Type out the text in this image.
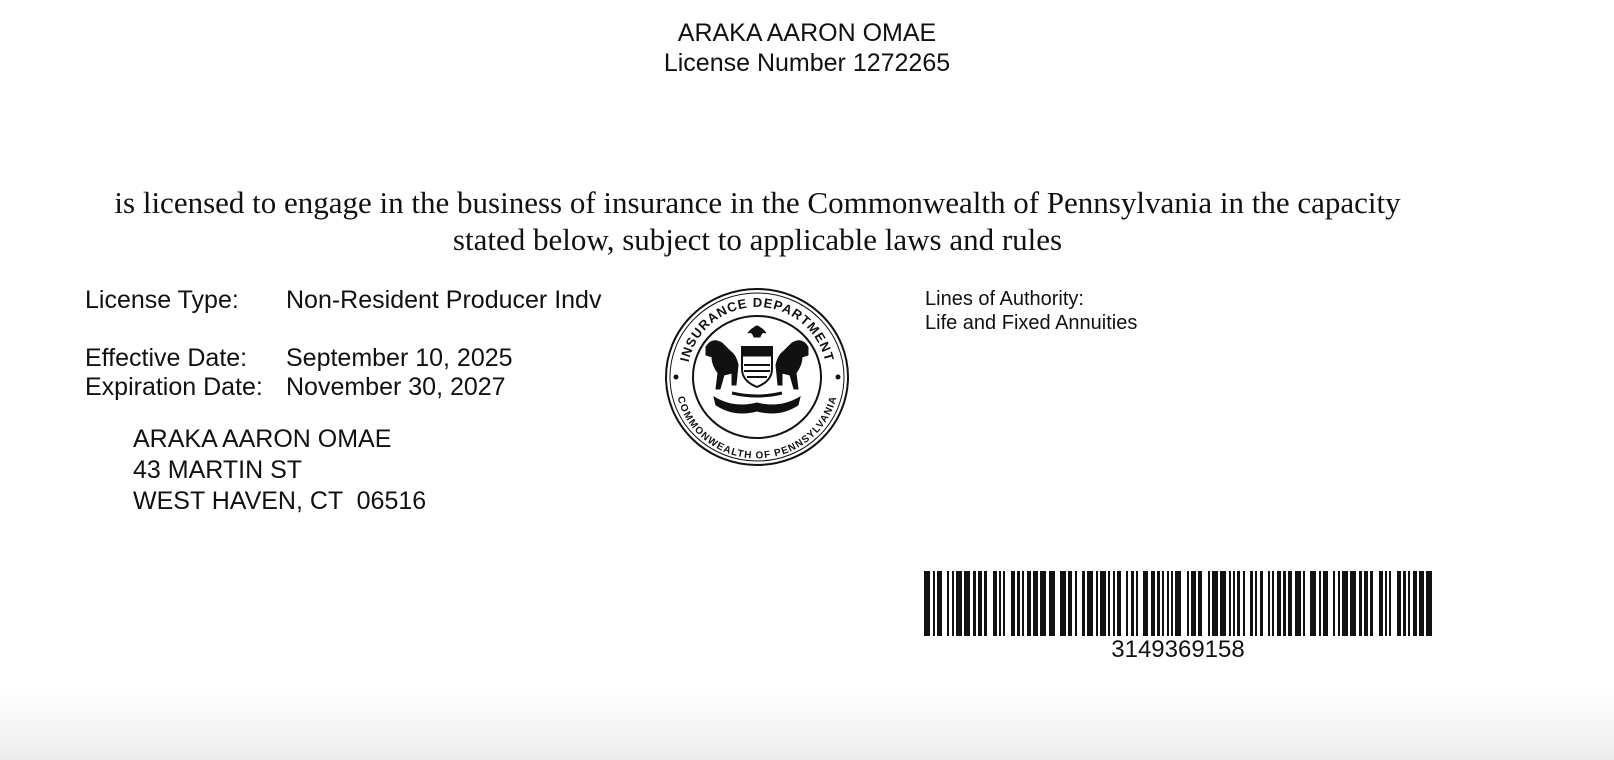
ARAKA AARON OMAE
License Number 1272265
is licensed to engage in the business of insurance in the Commonwealth of Pennsylvania in the capacity stated below, subject to applicable laws and rules
License Type: Non-Resident Producer Indv
Effective Date: September 10, 2025
Expiration Date: November 30, 2027
ARAKA AARON OMAE
43 MARTIN ST
WEST HAVEN, CT  06516
INSURANCE DEPARTMENT
COMMONWEALTH OF PENNSYLVANIA
Lines of Authority:
Life and Fixed Annuities
3149369158
